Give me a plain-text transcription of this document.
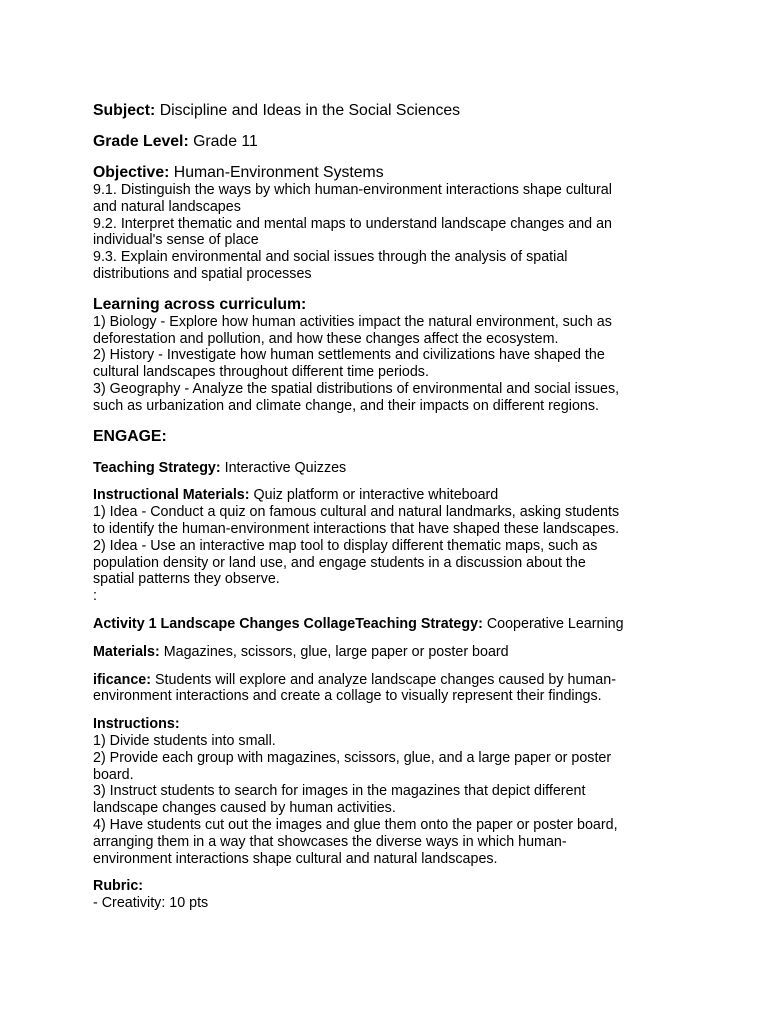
Subject: Discipline and Ideas in the Social Sciences
Grade Level: Grade 11
Objective: Human-Environment Systems
9.1. Distinguish the ways by which human-environment interactions shape cultural
and natural landscapes
9.2. Interpret thematic and mental maps to understand landscape changes and an
individual's sense of place
9.3. Explain environmental and social issues through the analysis of spatial
distributions and spatial processes
Learning across curriculum:
1) Biology - Explore how human activities impact the natural environment, such as
deforestation and pollution, and how these changes affect the ecosystem.
2) History - Investigate how human settlements and civilizations have shaped the
cultural landscapes throughout different time periods.
3) Geography - Analyze the spatial distributions of environmental and social issues,
such as urbanization and climate change, and their impacts on different regions.
ENGAGE:
Teaching Strategy: Interactive Quizzes
Instructional Materials: Quiz platform or interactive whiteboard
1) Idea - Conduct a quiz on famous cultural and natural landmarks, asking students
to identify the human-environment interactions that have shaped these landscapes.
2) Idea - Use an interactive map tool to display different thematic maps, such as
population density or land use, and engage students in a discussion about the
spatial patterns they observe.
:
Activity 1 Landscape Changes CollageTeaching Strategy: Cooperative Learning
Materials: Magazines, scissors, glue, large paper or poster board
ificance: Students will explore and analyze landscape changes caused by human-
environment interactions and create a collage to visually represent their findings.
Instructions:
1) Divide students into small.
2) Provide each group with magazines, scissors, glue, and a large paper or poster
board.
3) Instruct students to search for images in the magazines that depict different
landscape changes caused by human activities.
4) Have students cut out the images and glue them onto the paper or poster board,
arranging them in a way that showcases the diverse ways in which human-
environment interactions shape cultural and natural landscapes.
Rubric:
- Creativity: 10 pts
